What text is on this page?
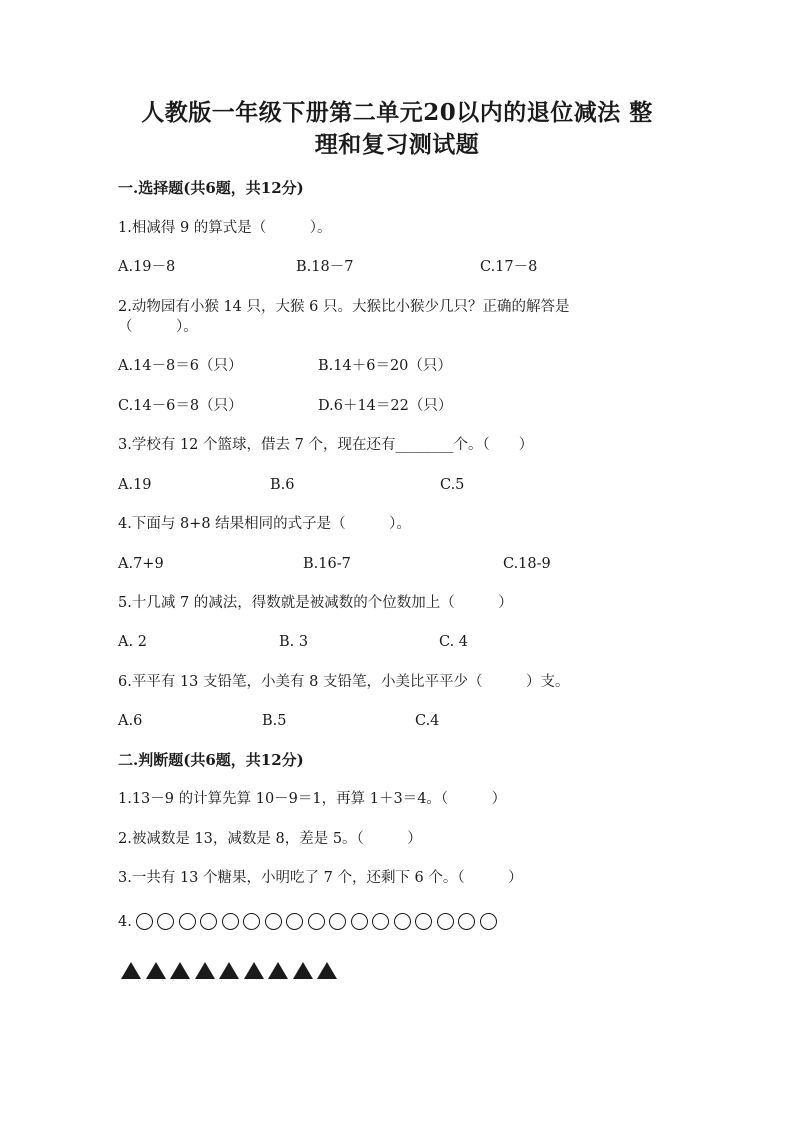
人教版一年级下册第二单元20以内的退位减法 整
理和复习测试题
一.选择题(共6题，共12分)
1.相减得 9 的算式是（　　　）。
A.19－8	B.18－7	C.17－8
2.动物园有小猴 14 只，大猴 6 只。大猴比小猴少几只？正确的解答是（　　　）。
A.14－8＝6（只）	B.14＋6＝20（只）
C.14－6＝8（只）	D.6＋14＝22（只）
3.学校有 12 个篮球，借去 7 个，现在还有________个。（　　）
A.19	B.6	C.5
4.下面与 8+8 结果相同的式子是（　　　）。
A.7+9	B.16-7	C.18-9
5.十几减 7 的减法，得数就是被减数的个位数加上（　　　）
A. 2	B. 3	C. 4
6.平平有 13 支铅笔，小美有 8 支铅笔，小美比平平少（　　　）支。
A.6	B.5	C.4
二.判断题(共6题，共12分)
1.13－9 的计算先算 10－9＝1，再算 1＋3＝4。（　　　）
2.被减数是 13，减数是 8，差是 5。（　　　）
3.一共有 13 个糖果，小明吃了 7 个，还剩下 6 个。（　　　）
4.
